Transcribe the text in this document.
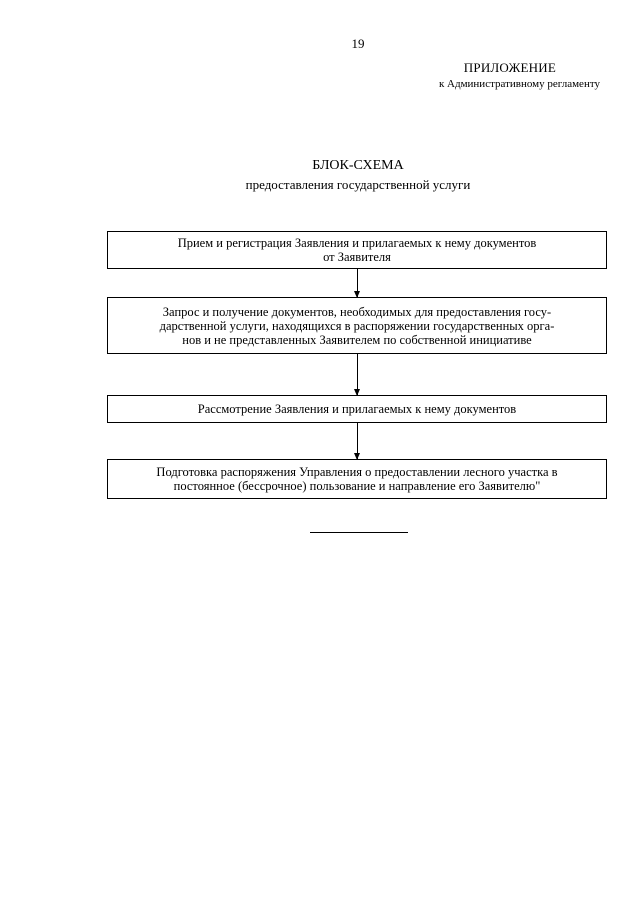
19
ПРИЛОЖЕНИЕ
к Административному регламенту
БЛОК-СХЕМА
предоставления государственной услуги
Прием и регистрация Заявления и прилагаемых к нему документов
от Заявителя
Запрос и получение документов, необходимых для предоставления госу-
дарственной услуги, находящихся в распоряжении государственных орга-
нов и не представленных Заявителем по собственной инициативе
Рассмотрение Заявления и прилагаемых к нему документов
Подготовка распоряжения Управления о предоставлении лесного участка в
постоянное (бессрочное) пользование и направление его Заявителю"
